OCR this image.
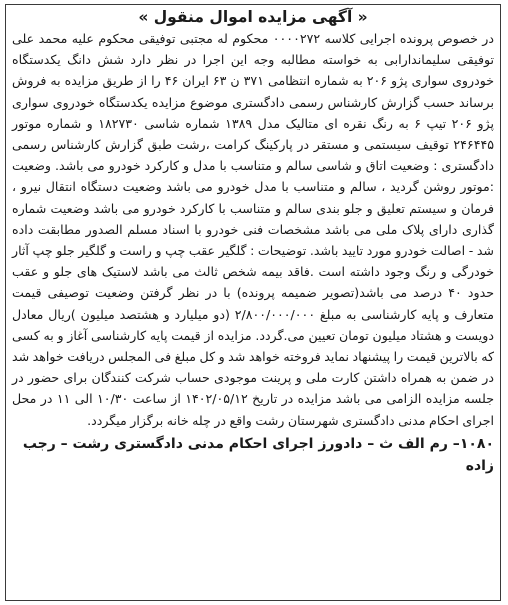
« آگهی مزایده اموال منقول »

در خصوص پرونده اجرایی کلاسه ۰۰۰۰۲۷۲ محکوم له مجتبی توفیقی محکوم علیه محمد علی توفیقی سلیماندارابی به خواسته مطالبه وجه این اجرا در نظر دارد شش دانگ یکدستگاه خودروی سواری پژو ۲۰۶ به شماره انتظامی ۳۷۱ ن ۶۳ ایران ۴۶ را از طریق مزایده به فروش برساند حسب گزارش کارشناس رسمی دادگستری موضوع مزایده یکدستگاه خودروی سواری پژو ۲۰۶ تیپ ۶ به رنگ نقره ای متالیک مدل ۱۳۸۹ شماره شاسی ۱۸۲۷۳۰ و شماره موتور ۲۴۶۴۴۵ توقیف سیستمی و مستقر در پارکینگ کرامت ،رشت طبق گزارش کارشناس رسمی دادگستری : وضعیت اتاق و شاسی سالم و متناسب با مدل و کارکرد خودرو می باشد. وضعیت :موتور روشن گردید ، سالم و متناسب با مدل خودرو می باشد وضعیت دستگاه انتقال نیرو ، فرمان و سیستم تعلیق و جلو بندی سالم و متناسب با کارکرد خودرو می باشد وضعیت شماره گذاری دارای پلاک ملی می باشد مشخصات فنی خودرو با اسناد مسلم الصدور مطابقت داده شد - اصالت خودرو مورد تایید باشد. توضیحات : گلگیر عقب چپ و راست و گلگیر جلو چپ آثار خودرگی و رنگ وجود داشته است .فاقد بیمه شخص ثالث می باشد لاستیک های جلو و عقب حدود ۴۰ درصد می باشد(تصویر ضمیمه پرونده) با در نظر گرفتن وضعیت توصیفی قیمت متعارف و پایه کارشناسی به مبلغ ۲/۸۰۰/۰۰۰/۰۰۰ (دو میلیارد و هشتصد میلیون )ریال معادل دویست و هشتاد میلیون تومان تعیین می.گردد. مزایده از قیمت پایه کارشناسی آغاز و به کسی که بالاترین قیمت را پیشنهاد نماید فروخته خواهد شد و کل مبلغ فی المجلس دریافت خواهد شد در ضمن به همراه داشتن کارت ملی و پرینت موجودی حساب شرکت کنندگان برای حضور در جلسه مزایده الزامی می باشد مزایده در تاریخ ۱۴۰۲/۰۵/۱۲ از ساعت ۱۰/۳۰ الی ۱۱ در محل اجرای احکام مدنی دادگستری شهرستان رشت واقع در چله خانه برگزار میگردد.

۱۰۸۰– رم الف ث – دادورز اجرای احکام مدنی دادگستری رشت – رجب زاده
